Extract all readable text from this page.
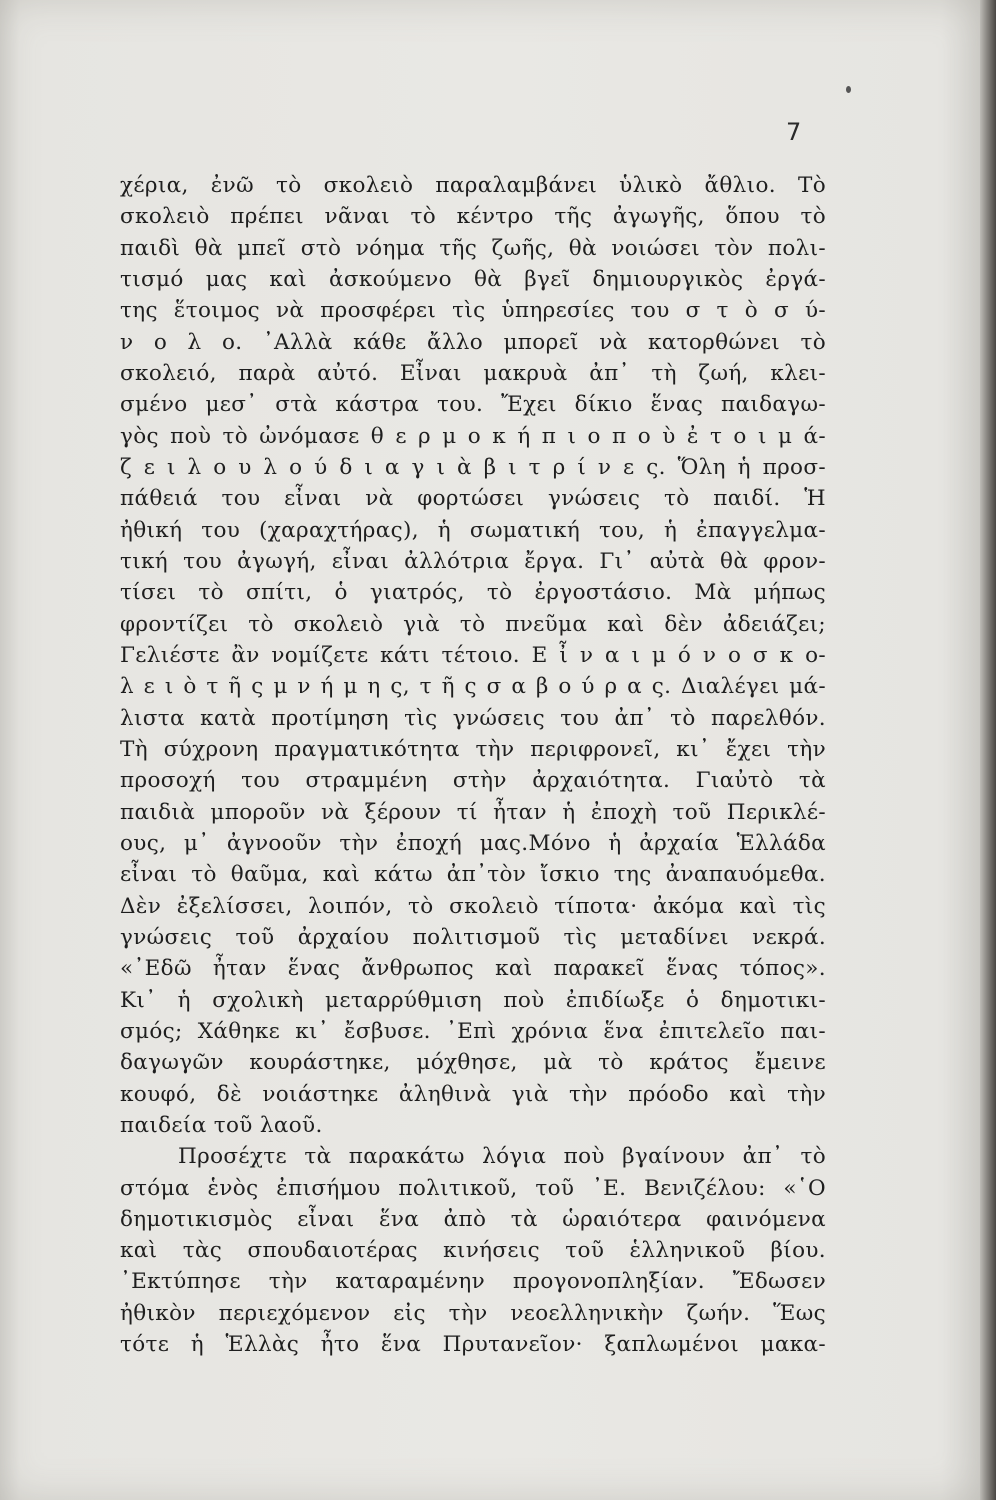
7
χέρια, ἐνῶ τὸ σκολειὸ παραλαμβάνει ὑλικὸ ἄθλιο. Τὸ
σκολειὸ πρέπει νᾶναι τὸ κέντρο τῆς ἀγωγῆς, ὅπου τὸ
παιδὶ θὰ μπεῖ στὸ νόημα τῆς ζωῆς, θὰ νοιώσει τὸν πολι-
τισμό μας καὶ ἀσκούμενο θὰ βγεῖ δημιουργικὸς ἐργά-
της ἕτοιμος νὰ προσφέρει τὶς ὑπηρεσίες του σ τ ὸ σ ύ-
ν ο λ ο. ᾿Αλλὰ κάθε ἄλλο μπορεῖ νὰ κατορθώνει τὸ
σκολειό, παρὰ αὐτό. Εἶναι μακρυὰ ἀπ᾿ τὴ ζωή, κλει-
σμένο μεσ᾿ στὰ κάστρα του. Ἔχει δίκιο ἕνας παιδαγω-
γὸς ποὺ τὸ ὠνόμασε θ ε ρ μ ο κ ή π ι ο π ο ὺ ἐ τ ο ι μ ά-
ζ ε ι λ ο υ λ ο ύ δ ι α γ ι ὰ β ι τ ρ ί ν ε ς. Ὅλη ἡ προσ-
πάθειά του εἶναι νὰ φορτώσει γνώσεις τὸ παιδί. Ἡ
ἠθική του (χαραχτήρας), ἡ σωματική του, ἡ ἐπαγγελμα-
τική του ἀγωγή, εἶναι ἀλλότρια ἔργα. Γι᾿ αὐτὰ θὰ φρον-
τίσει τὸ σπίτι, ὁ γιατρός, τὸ ἐργοστάσιο. Μὰ μήπως
φροντίζει τὸ σκολειὸ γιὰ τὸ πνεῦμα καὶ δὲν ἀδειάζει;
Γελιέστε ἂν νομίζετε κάτι τέτοιο. Ε ἶ ν α ι μ ό ν ο σ κ ο-
λ ε ι ὸ τ ῆ ς μ ν ή μ η ς, τ ῆ ς σ α β ο ύ ρ α ς. Διαλέγει μά-
λιστα κατὰ προτίμηση τὶς γνώσεις του ἀπ᾿ τὸ παρελθόν.
Τὴ σύχρονη πραγματικότητα τὴν περιφρονεῖ, κι᾿ ἔχει τὴν
προσοχή του στραμμένη στὴν ἀρχαιότητα. Γιαὐτὸ τὰ
παιδιὰ μποροῦν νὰ ξέρουν τί ἦταν ἡ ἐποχὴ τοῦ Περικλέ-
ους, μ᾿ ἀγνοοῦν τὴν ἐποχή μας.Μόνο ἡ ἀρχαία Ἑλλάδα
εἶναι τὸ θαῦμα, καὶ κάτω ἀπ᾿τὸν ἴσκιο της ἀναπαυόμεθα.
Δὲν ἐξελίσσει, λοιπόν, τὸ σκολειὸ τίποτα· ἀκόμα καὶ τὶς
γνώσεις τοῦ ἀρχαίου πολιτισμοῦ τὶς μεταδίνει νεκρά.
«᾿Εδῶ ἦταν ἕνας ἄνθρωπος καὶ παρακεῖ ἕνας τόπος».
Κι᾿ ἡ σχολικὴ μεταρρύθμιση ποὺ ἐπιδίωξε ὁ δημοτικι-
σμός; Χάθηκε κι᾿ ἔσβυσε. ᾿Επὶ χρόνια ἕνα ἐπιτελεῖο παι-
δαγωγῶν κουράστηκε, μόχθησε, μὰ τὸ κράτος ἔμεινε
κουφό, δὲ νοιάστηκε ἀληθινὰ γιὰ τὴν πρόοδο καὶ τὴν
παιδεία τοῦ λαοῦ.
Προσέχτε τὰ παρακάτω λόγια ποὺ βγαίνουν ἀπ᾿ τὸ
στόμα ἑνὸς ἐπισήμου πολιτικοῦ, τοῦ ᾿Ε. Βενιζέλου: «῾Ο
δημοτικισμὸς εἶναι ἕνα ἀπὸ τὰ ὡραιότερα φαινόμενα
καὶ τὰς σπουδαιοτέρας κινήσεις τοῦ ἑλληνικοῦ βίου.
᾿Εκτύπησε τὴν καταραμένην προγονοπληξίαν. Ἔδωσεν
ἠθικὸν περιεχόμενον εἰς τὴν νεοελληνικὴν ζωήν. Ἕως
τότε ἡ Ἑλλὰς ἦτο ἕνα Πρυτανεῖον· ξαπλωμένοι μακα-
